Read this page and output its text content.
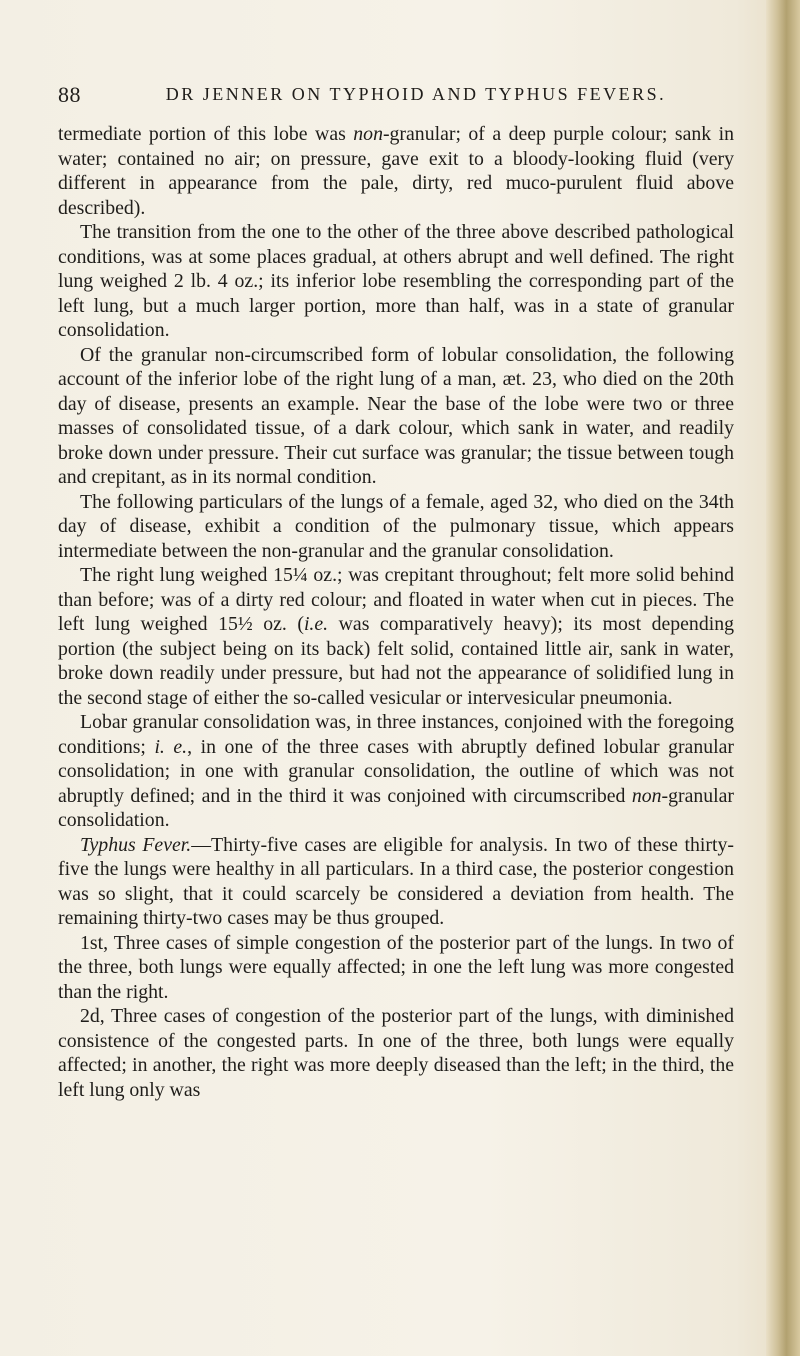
88	DR JENNER ON TYPHOID AND TYPHUS FEVERS.

termediate portion of this lobe was non-granular; of a deep purple colour; sank in water; contained no air; on pressure, gave exit to a bloody-looking fluid (very different in appearance from the pale, dirty, red muco-purulent fluid above described).

The transition from the one to the other of the three above described pathological conditions, was at some places gradual, at others abrupt and well defined. The right lung weighed 2 lb. 4 oz.; its inferior lobe resembling the corresponding part of the left lung, but a much larger portion, more than half, was in a state of granular consolidation.

Of the granular non-circumscribed form of lobular consolidation, the following account of the inferior lobe of the right lung of a man, æt. 23, who died on the 20th day of disease, presents an example. Near the base of the lobe were two or three masses of consolidated tissue, of a dark colour, which sank in water, and readily broke down under pressure. Their cut surface was granular; the tissue between tough and crepitant, as in its normal condition.

The following particulars of the lungs of a female, aged 32, who died on the 34th day of disease, exhibit a condition of the pulmonary tissue, which appears intermediate between the non-granular and the granular consolidation.

The right lung weighed 15¼ oz.; was crepitant throughout; felt more solid behind than before; was of a dirty red colour; and floated in water when cut in pieces. The left lung weighed 15½ oz. (i.e. was comparatively heavy); its most depending portion (the subject being on its back) felt solid, contained little air, sank in water, broke down readily under pressure, but had not the appearance of solidified lung in the second stage of either the so-called vesicular or intervesicular pneumonia.

Lobar granular consolidation was, in three instances, conjoined with the foregoing conditions; i. e., in one of the three cases with abruptly defined lobular granular consolidation; in one with granular consolidation, the outline of which was not abruptly defined; and in the third it was conjoined with circumscribed non-granular consolidation.

Typhus Fever.—Thirty-five cases are eligible for analysis. In two of these thirty-five the lungs were healthy in all particulars. In a third case, the posterior congestion was so slight, that it could scarcely be considered a deviation from health. The remaining thirty-two cases may be thus grouped.

1st, Three cases of simple congestion of the posterior part of the lungs. In two of the three, both lungs were equally affected; in one the left lung was more congested than the right.

2d, Three cases of congestion of the posterior part of the lungs, with diminished consistence of the congested parts. In one of the three, both lungs were equally affected; in another, the right was more deeply diseased than the left; in the third, the left lung only was
